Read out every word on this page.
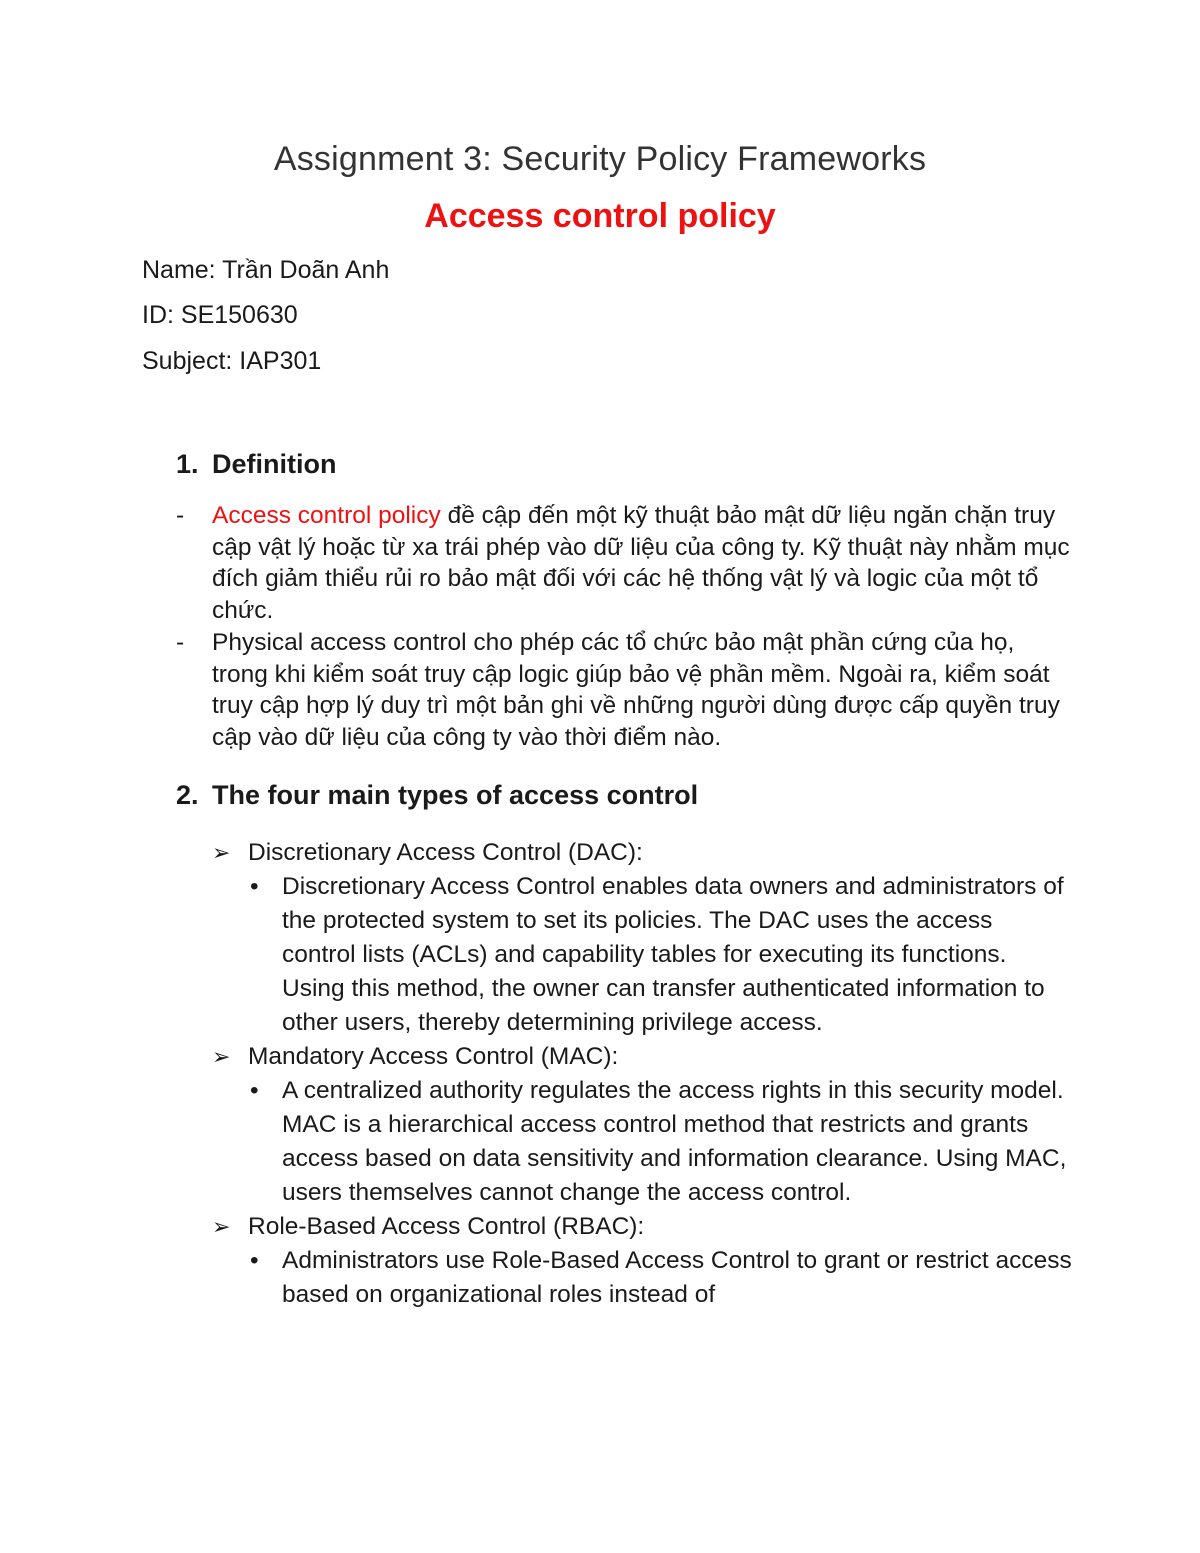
Assignment 3: Security Policy Frameworks
Access control policy
Name: Trần Doãn Anh
ID: SE150630
Subject: IAP301
1. Definition
- Access control policy đề cập đến một kỹ thuật bảo mật dữ liệu ngăn chặn truy cập vật lý hoặc từ xa trái phép vào dữ liệu của công ty. Kỹ thuật này nhằm mục đích giảm thiểu rủi ro bảo mật đối với các hệ thống vật lý và logic của một tổ chức.
- Physical access control cho phép các tổ chức bảo mật phần cứng của họ, trong khi kiểm soát truy cập logic giúp bảo vệ phần mềm. Ngoài ra, kiểm soát truy cập hợp lý duy trì một bản ghi về những người dùng được cấp quyền truy cập vào dữ liệu của công ty vào thời điểm nào.
2. The four main types of access control
➢ Discretionary Access Control (DAC):
• Discretionary Access Control enables data owners and administrators of the protected system to set its policies. The DAC uses the access control lists (ACLs) and capability tables for executing its functions. Using this method, the owner can transfer authenticated information to other users, thereby determining privilege access.
➢ Mandatory Access Control (MAC):
• A centralized authority regulates the access rights in this security model. MAC is a hierarchical access control method that restricts and grants access based on data sensitivity and information clearance. Using MAC, users themselves cannot change the access control.
➢ Role-Based Access Control (RBAC):
• Administrators use Role-Based Access Control to grant or restrict access based on organizational roles instead of
